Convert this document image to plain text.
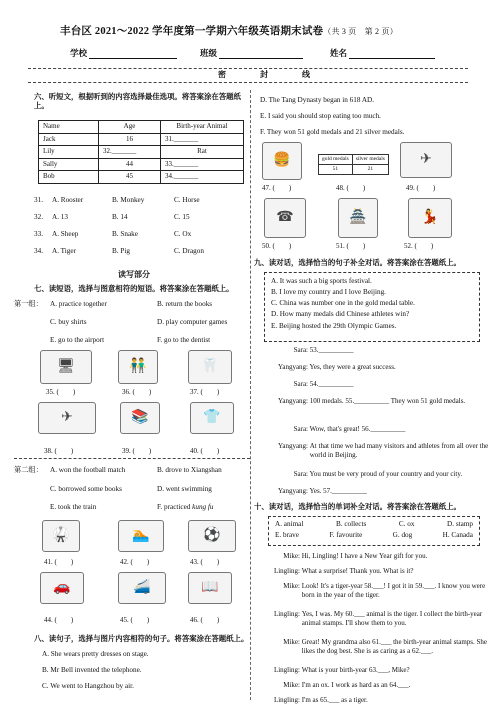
丰台区 2021～2022 学年度第一学期六年级英语期末试卷（共 3 页　第 2 页）
学校	班级	姓名
密	封	线
六、听短文，根据听到的内容选择最佳选项。将答案涂在答题纸上。
Name	Age	Birth-year Animal
Jack	16	31._______
Lily	32._______	Rat
Sally	44	33._______
Bob	45	34._______
31. A. Rooster	B. Monkey	C. Horse
32. A. 13	B. 14	C. 15
33. A. Sheep	B. Snake	C. Ox
34. A. Tiger	B. Pig	C. Dragon
读写部分
七、读短语，选择与图意相符的短语。将答案涂在答题纸上。
第一组： A. practice together	B. return the books
C. buy shirts	D. play computer games
E. go to the airport	F. go to the dentist
🖥	👬	🦷
35. (　　)	36. (　　)	37. (　　)
✈	📚	👕
38. (　　)	39. (　　)	40. (　　)
第二组： A. won the football match	B. drove to Xiangshan
C. borrowed some books	D. went swimming
E. took the train	F. practiced kung fu
🥋	🏊	⚽
41. (　　)	42. (　　)	43. (　　)
🚗	🚄	📖
44. (　　)	45. (　　)	46. (　　)
八、读句子，选择与图片内容相符的句子。将答案涂在答题纸上。
A. She wears pretty dresses on stage.
B. Mr Bell invented the telephone.
C. We went to Hangzhou by air.
D. The Tang Dynasty began in 618 AD.
E. I said you should stop eating too much.
F. They won 51 gold medals and 21 silver medals.
🍔	gold medals	silver medals
51	21
✈
47. (　　)	48. (　　)	49. (　　)
☎	🏯	💃
50. (　　)	51. (　　)	52. (　　)
九、读对话，选择恰当的句子补全对话。将答案涂在答题纸上。
A. It was such a big sports festival.
B. I love my country and I love Beijing.
C. China was number one in the gold medal table.
D. How many medals did Chinese athletes win?
E. Beijing hosted the 29th Olympic Games.
Sara: 53.__________
Yangyang: Yes, they were a great success.
Sara: 54.__________
Yangyang:
100 medals. 55.__________ They won 51 gold medals.
Sara: Wow, that's great! 56.__________
Yangyang:
At that time we had many visitors and athletes from all over the world in Beijing.
Sara: You must be very proud of your country and your city.
Yangyang: Yes. 57.__________
十、读对话，选择恰当的单词补全对话。将答案涂在答题纸上。
A. animal	B. collects	C. ox	D. stamp
E. brave	F. favourite	G. dog	H. Canada
Mike:
Hi, Lingling! I have a New Year gift for you.
Lingling:
What a surprise! Thank you. What is it?
Mike:
Look! It's a tiger-year 58.___! I got it in 59.___. I know you were born in the year of the tiger.
Lingling:
Yes, I was. My 60.___ animal is the tiger. I collect the birth-year animal stamps. I'll show them to you.
Mike:
Great! My grandma also 61.___ the birth-year animal stamps. She likes the dog best. She is as caring as a 62.___.
Lingling:
What is your birth-year 63.___, Mike?
Mike:
I'm an ox. I work as hard as an 64.___.
Lingling:
I'm as 65.___ as a tiger.
